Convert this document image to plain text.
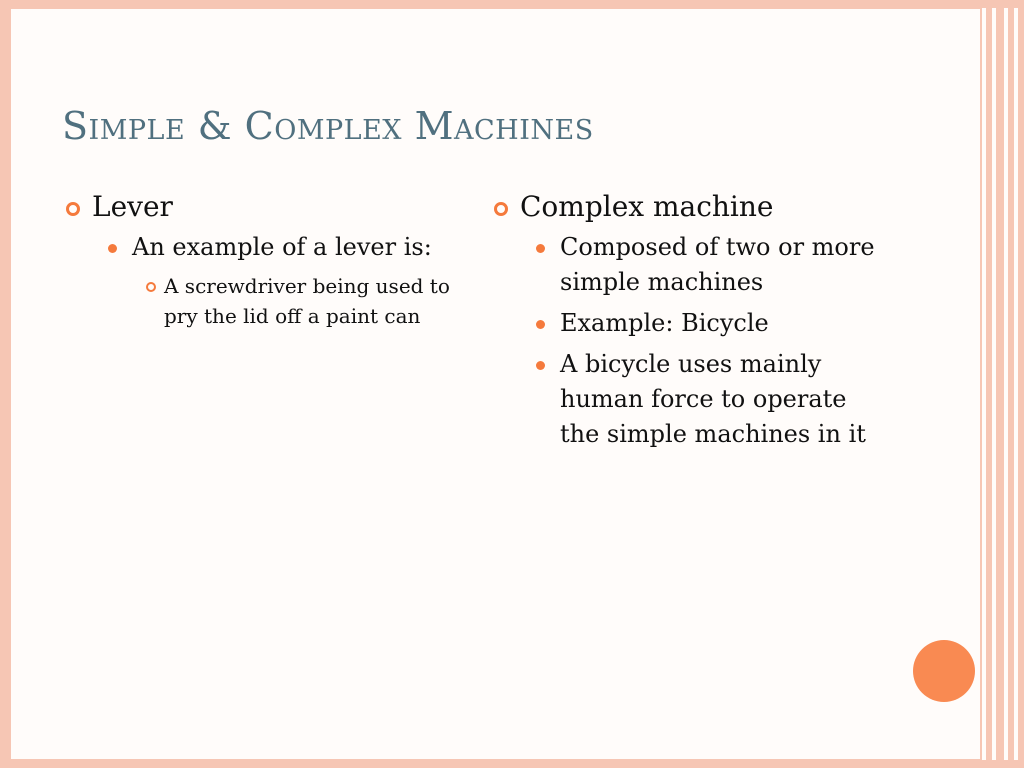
Simple & Complex Machines
Lever
An example of a lever is:
A screwdriver being used to pry the lid off a paint can
Complex machine
Composed of two or more simple machines
Example: Bicycle
A bicycle uses mainly human force to operate the simple machines in it
